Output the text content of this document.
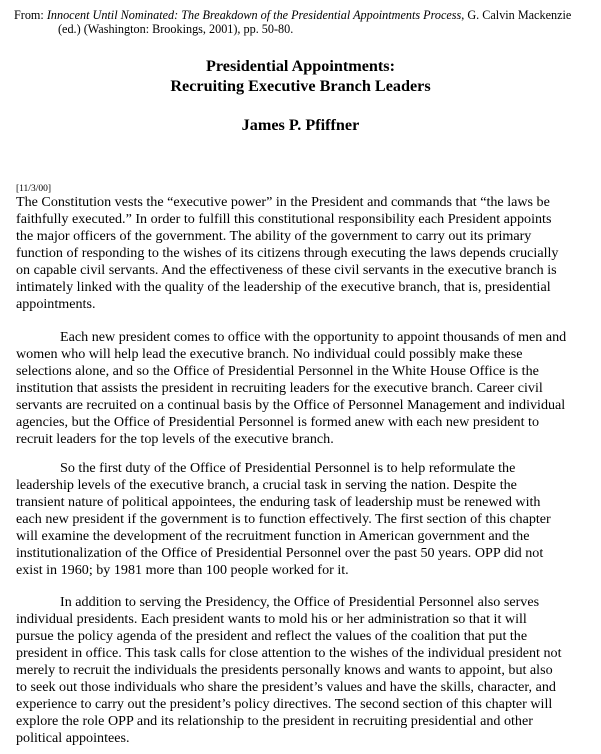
From: Innocent Until Nominated: The Breakdown of the Presidential Appointments Process, G. Calvin Mackenzie
(ed.) (Washington: Brookings, 2001), pp. 50-80.
Presidential Appointments:
Recruiting Executive Branch Leaders
James P. Pfiffner
[11/3/00]

The Constitution vests the “executive power” in the President and commands that “the laws be
faithfully executed.” In order to fulfill this constitutional responsibility each President appoints
the major officers of the government. The ability of the government to carry out its primary
function of responding to the wishes of its citizens through executing the laws depends crucially
on capable civil servants. And the effectiveness of these civil servants in the executive branch is
intimately linked with the quality of the leadership of the executive branch, that is, presidential
appointments.

Each new president comes to office with the opportunity to appoint thousands of men and
women who will help lead the executive branch. No individual could possibly make these
selections alone, and so the Office of Presidential Personnel in the White House Office is the
institution that assists the president in recruiting leaders for the executive branch. Career civil
servants are recruited on a continual basis by the Office of Personnel Management and individual
agencies, but the Office of Presidential Personnel is formed anew with each new president to
recruit leaders for the top levels of the executive branch.

So the first duty of the Office of Presidential Personnel is to help reformulate the
leadership levels of the executive branch, a crucial task in serving the nation. Despite the
transient nature of political appointees, the enduring task of leadership must be renewed with
each new president if the government is to function effectively. The first section of this chapter
will examine the development of the recruitment function in American government and the
institutionalization of the Office of Presidential Personnel over the past 50 years. OPP did not
exist in 1960; by 1981 more than 100 people worked for it.

In addition to serving the Presidency, the Office of Presidential Personnel also serves
individual presidents. Each president wants to mold his or her administration so that it will
pursue the policy agenda of the president and reflect the values of the coalition that put the
president in office. This task calls for close attention to the wishes of the individual president not
merely to recruit the individuals the presidents personally knows and wants to appoint, but also
to seek out those individuals who share the president’s values and have the skills, character, and
experience to carry out the president’s policy directives. The second section of this chapter will
explore the role OPP and its relationship to the president in recruiting presidential and other
political appointees.
